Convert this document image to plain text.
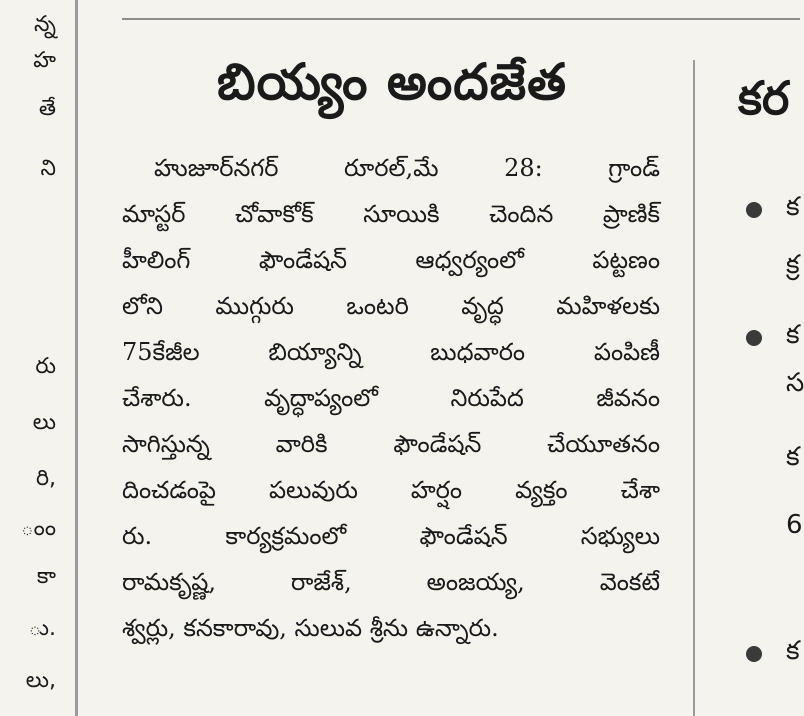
న్న
హ
తే
ని
రు
లు
రి,
ంం
కా
ు.
లు,
బియ్యం అందజేత
హుజూర్‌నగర్ రూరల్,మే 28: గ్రాండ్
మాస్టర్ చోవాకోక్ సూయికి చెందిన ప్రాణిక్
హీలింగ్ ఫౌండేషన్ ఆధ్వర్యంలో పట్టణం
లోని ముగ్గురు ఒంటరి వృద్ధ మహిళలకు
75కేజీల బియ్యాన్ని బుధవారం పంపిణీ
చేశారు. వృద్ధాప్యంలో నిరుపేద జీవనం
సాగిస్తున్న వారికి ఫౌండేషన్ చేయూతనం
దించడంపై పలువురు హర్షం వ్యక్తం చేశా
రు. కార్యక్రమంలో ఫౌండేషన్ సభ్యులు
రామకృష్ణ, రాజేశ్, అంజయ్య, వెంకటే
శ్వర్లు, కనకారావు, సులువ శ్రీను ఉన్నారు.
కర
క
క్ర
క
స
క
6
క
